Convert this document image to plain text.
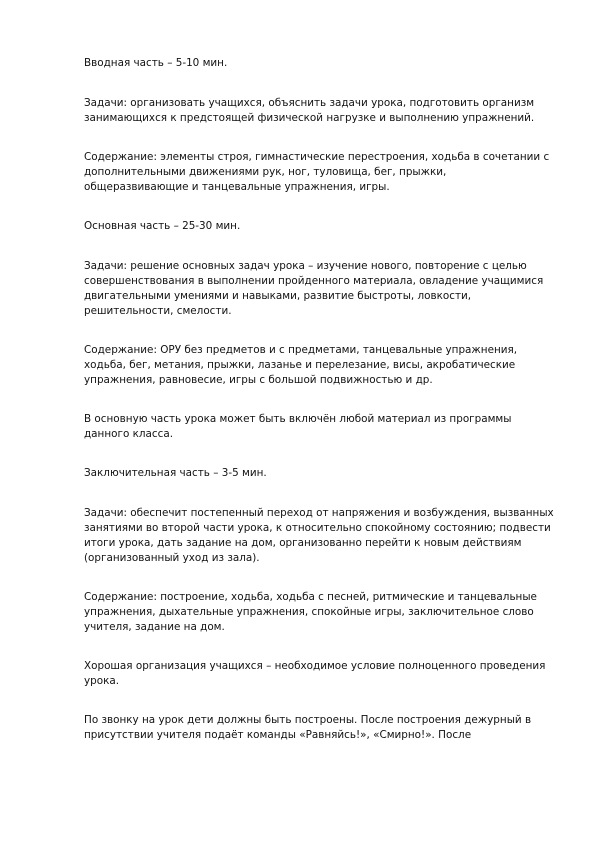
Вводная часть – 5-10 мин.

Задачи: организовать учащихся, объяснить задачи урока, подготовить организм занимающихся к предстоящей физической нагрузке и выполнению упражнений.

Содержание: элементы строя, гимнастические перестроения, ходьба в сочетании с дополнительными движениями рук, ног, туловища, бег, прыжки, общеразвивающие и танцевальные упражнения, игры.

Основная часть – 25-30 мин.

Задачи: решение основных задач урока – изучение нового, повторение с целью совершенствования в выполнении пройденного материала, овладение учащимися двигательными умениями и навыками, развитие быстроты, ловкости, решительности, смелости.

Содержание: ОРУ без предметов и с предметами, танцевальные упражнения, ходьба, бег, метания, прыжки, лазанье и перелезание, висы, акробатические упражнения, равновесие, игры с большой подвижностью и др.

В основную часть урока может быть включён любой материал из программы данного класса.

Заключительная часть – 3-5 мин.

Задачи: обеспечит постепенный переход от напряжения и возбуждения, вызванных занятиями во второй части урока, к относительно спокойному состоянию; подвести итоги урока, дать задание на дом, организованно перейти к новым действиям (организованный уход из зала).

Содержание: построение, ходьба, ходьба с песней, ритмические и танцевальные упражнения, дыхательные упражнения, спокойные игры, заключительное слово учителя, задание на дом.

Хорошая организация учащихся – необходимое условие полноценного проведения урока.

По звонку на урок дети должны быть построены. После построения дежурный в присутствии учителя подаёт команды «Равняйсь!», «Смирно!». После
